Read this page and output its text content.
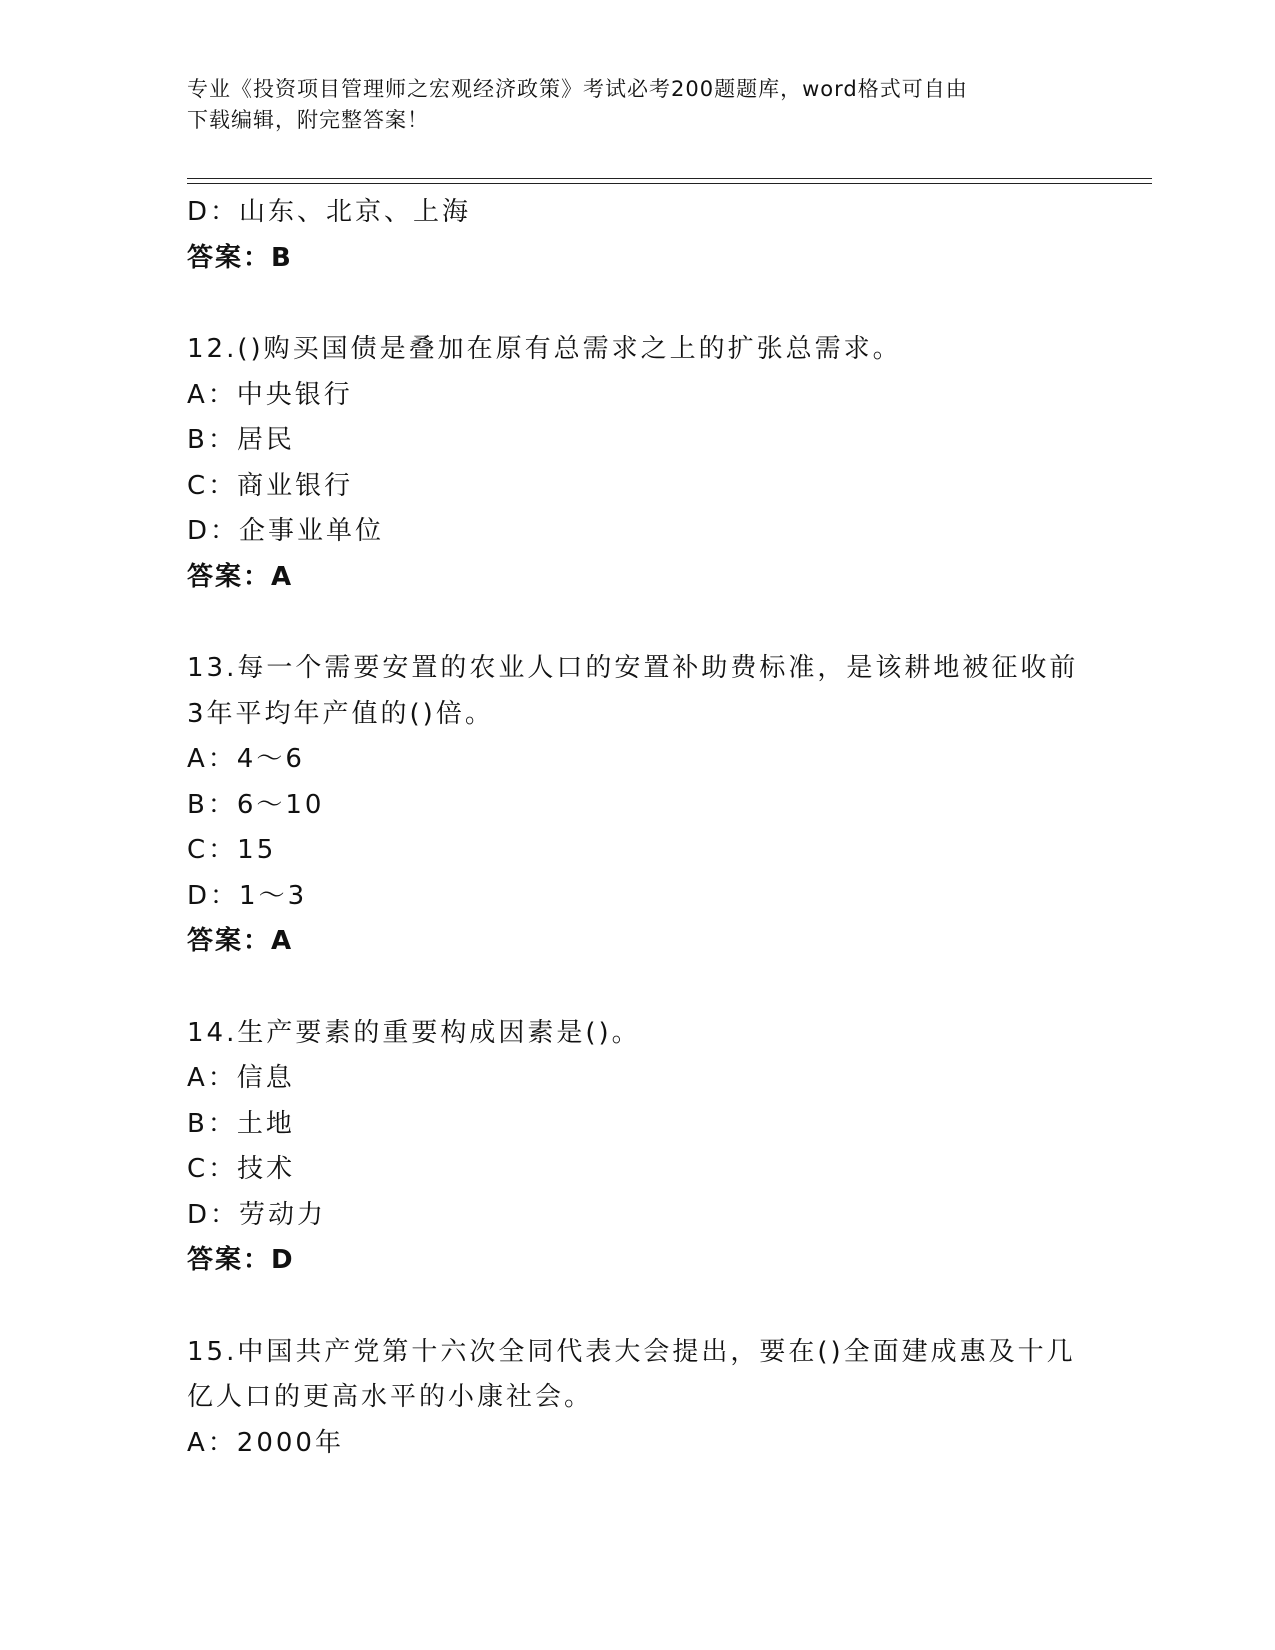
专业《投资项目管理师之宏观经济政策》考试必考200题题库，word格式可自由
下载编辑，附完整答案！
D：山东、北京、上海
答案：B
12.()购买国债是叠加在原有总需求之上的扩张总需求。
A：中央银行
B：居民
C：商业银行
D：企事业单位
答案：A
13.每一个需要安置的农业人口的安置补助费标准，是该耕地被征收前
3年平均年产值的()倍。
A：4～6
B：6～10
C：15
D：1～3
答案：A
14.生产要素的重要构成因素是()。
A：信息
B：土地
C：技术
D：劳动力
答案：D
15.中国共产党第十六次全同代表大会提出，要在()全面建成惠及十几
亿人口的更高水平的小康社会。
A：2000年
